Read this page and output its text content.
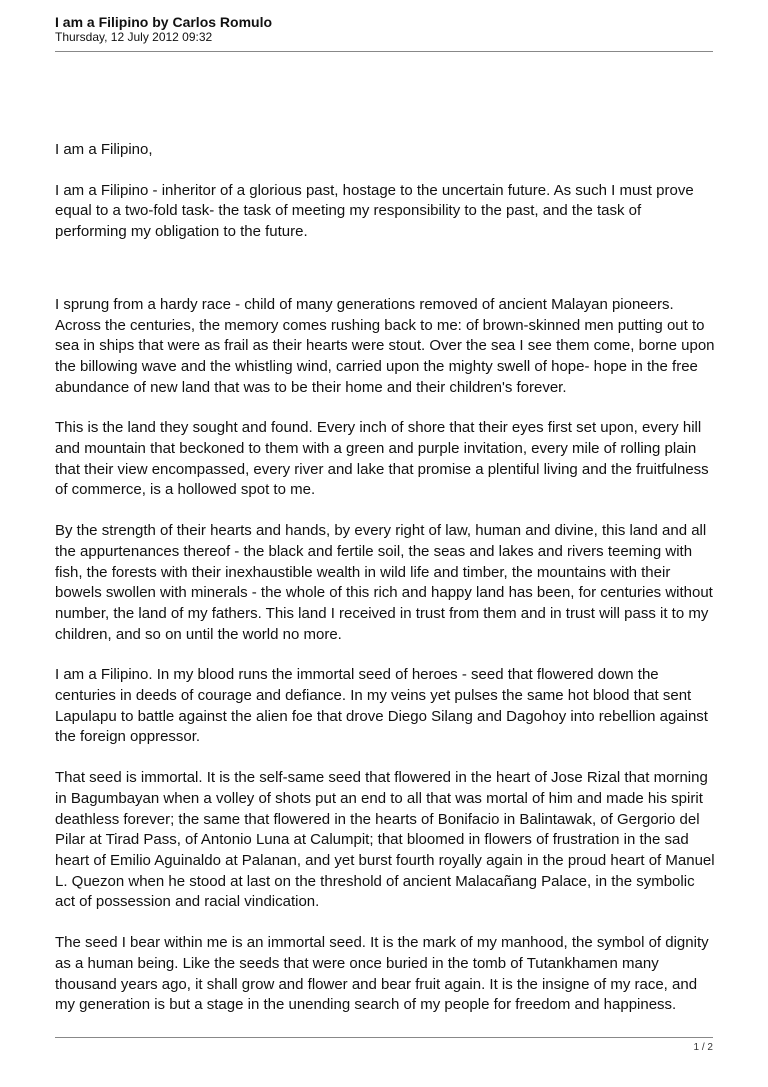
I am a Filipino by Carlos Romulo

Thursday, 12 July 2012 09:32

I am a Filipino,

I am a Filipino - inheritor of a glorious past, hostage to the uncertain future. As such I must prove equal to a two-fold task- the task of meeting my responsibility to the past, and the task of performing my obligation to the future.

I sprung from a hardy race - child of many generations removed of ancient Malayan pioneers. Across the centuries, the memory comes rushing back to me: of brown-skinned men putting out to sea in ships that were as frail as their hearts were stout. Over the sea I see them come, borne upon the billowing wave and the whistling wind, carried upon the mighty swell of hope- hope in the free abundance of new land that was to be their home and their children's forever.

This is the land they sought and found. Every inch of shore that their eyes first set upon, every hill and mountain that beckoned to them with a green and purple invitation, every mile of rolling plain that their view encompassed, every river and lake that promise a plentiful living and the fruitfulness of commerce, is a hollowed spot to me.

By the strength of their hearts and hands, by every right of law, human and divine, this land and all the appurtenances thereof - the black and fertile soil, the seas and lakes and rivers teeming with fish, the forests with their inexhaustible wealth in wild life and timber, the mountains with their bowels swollen with minerals - the whole of this rich and happy land has been, for centuries without number, the land of my fathers. This land I received in trust from them and in trust will pass it to my children, and so on until the world no more.

I am a Filipino. In my blood runs the immortal seed of heroes - seed that flowered down the centuries in deeds of courage and defiance. In my veins yet pulses the same hot blood that sent Lapulapu to battle against the alien foe that drove Diego Silang and Dagohoy into rebellion against the foreign oppressor.

That seed is immortal. It is the self-same seed that flowered in the heart of Jose Rizal that morning in Bagumbayan when a volley of shots put an end to all that was mortal of him and made his spirit deathless forever; the same that flowered in the hearts of Bonifacio in Balintawak, of Gergorio del Pilar at Tirad Pass, of Antonio Luna at Calumpit; that bloomed in flowers of frustration in the sad heart of Emilio Aguinaldo at Palanan, and yet burst fourth royally again in the proud heart of Manuel L. Quezon when he stood at last on the threshold of ancient Malacañang Palace, in the symbolic act of possession and racial vindication.

The seed I bear within me is an immortal seed. It is the mark of my manhood, the symbol of dignity as a human being. Like the seeds that were once buried in the tomb of Tutankhamen many thousand years ago, it shall grow and flower and bear fruit again. It is the insigne of my race, and my generation is but a stage in the unending search of my people for freedom and happiness.

1 / 2
